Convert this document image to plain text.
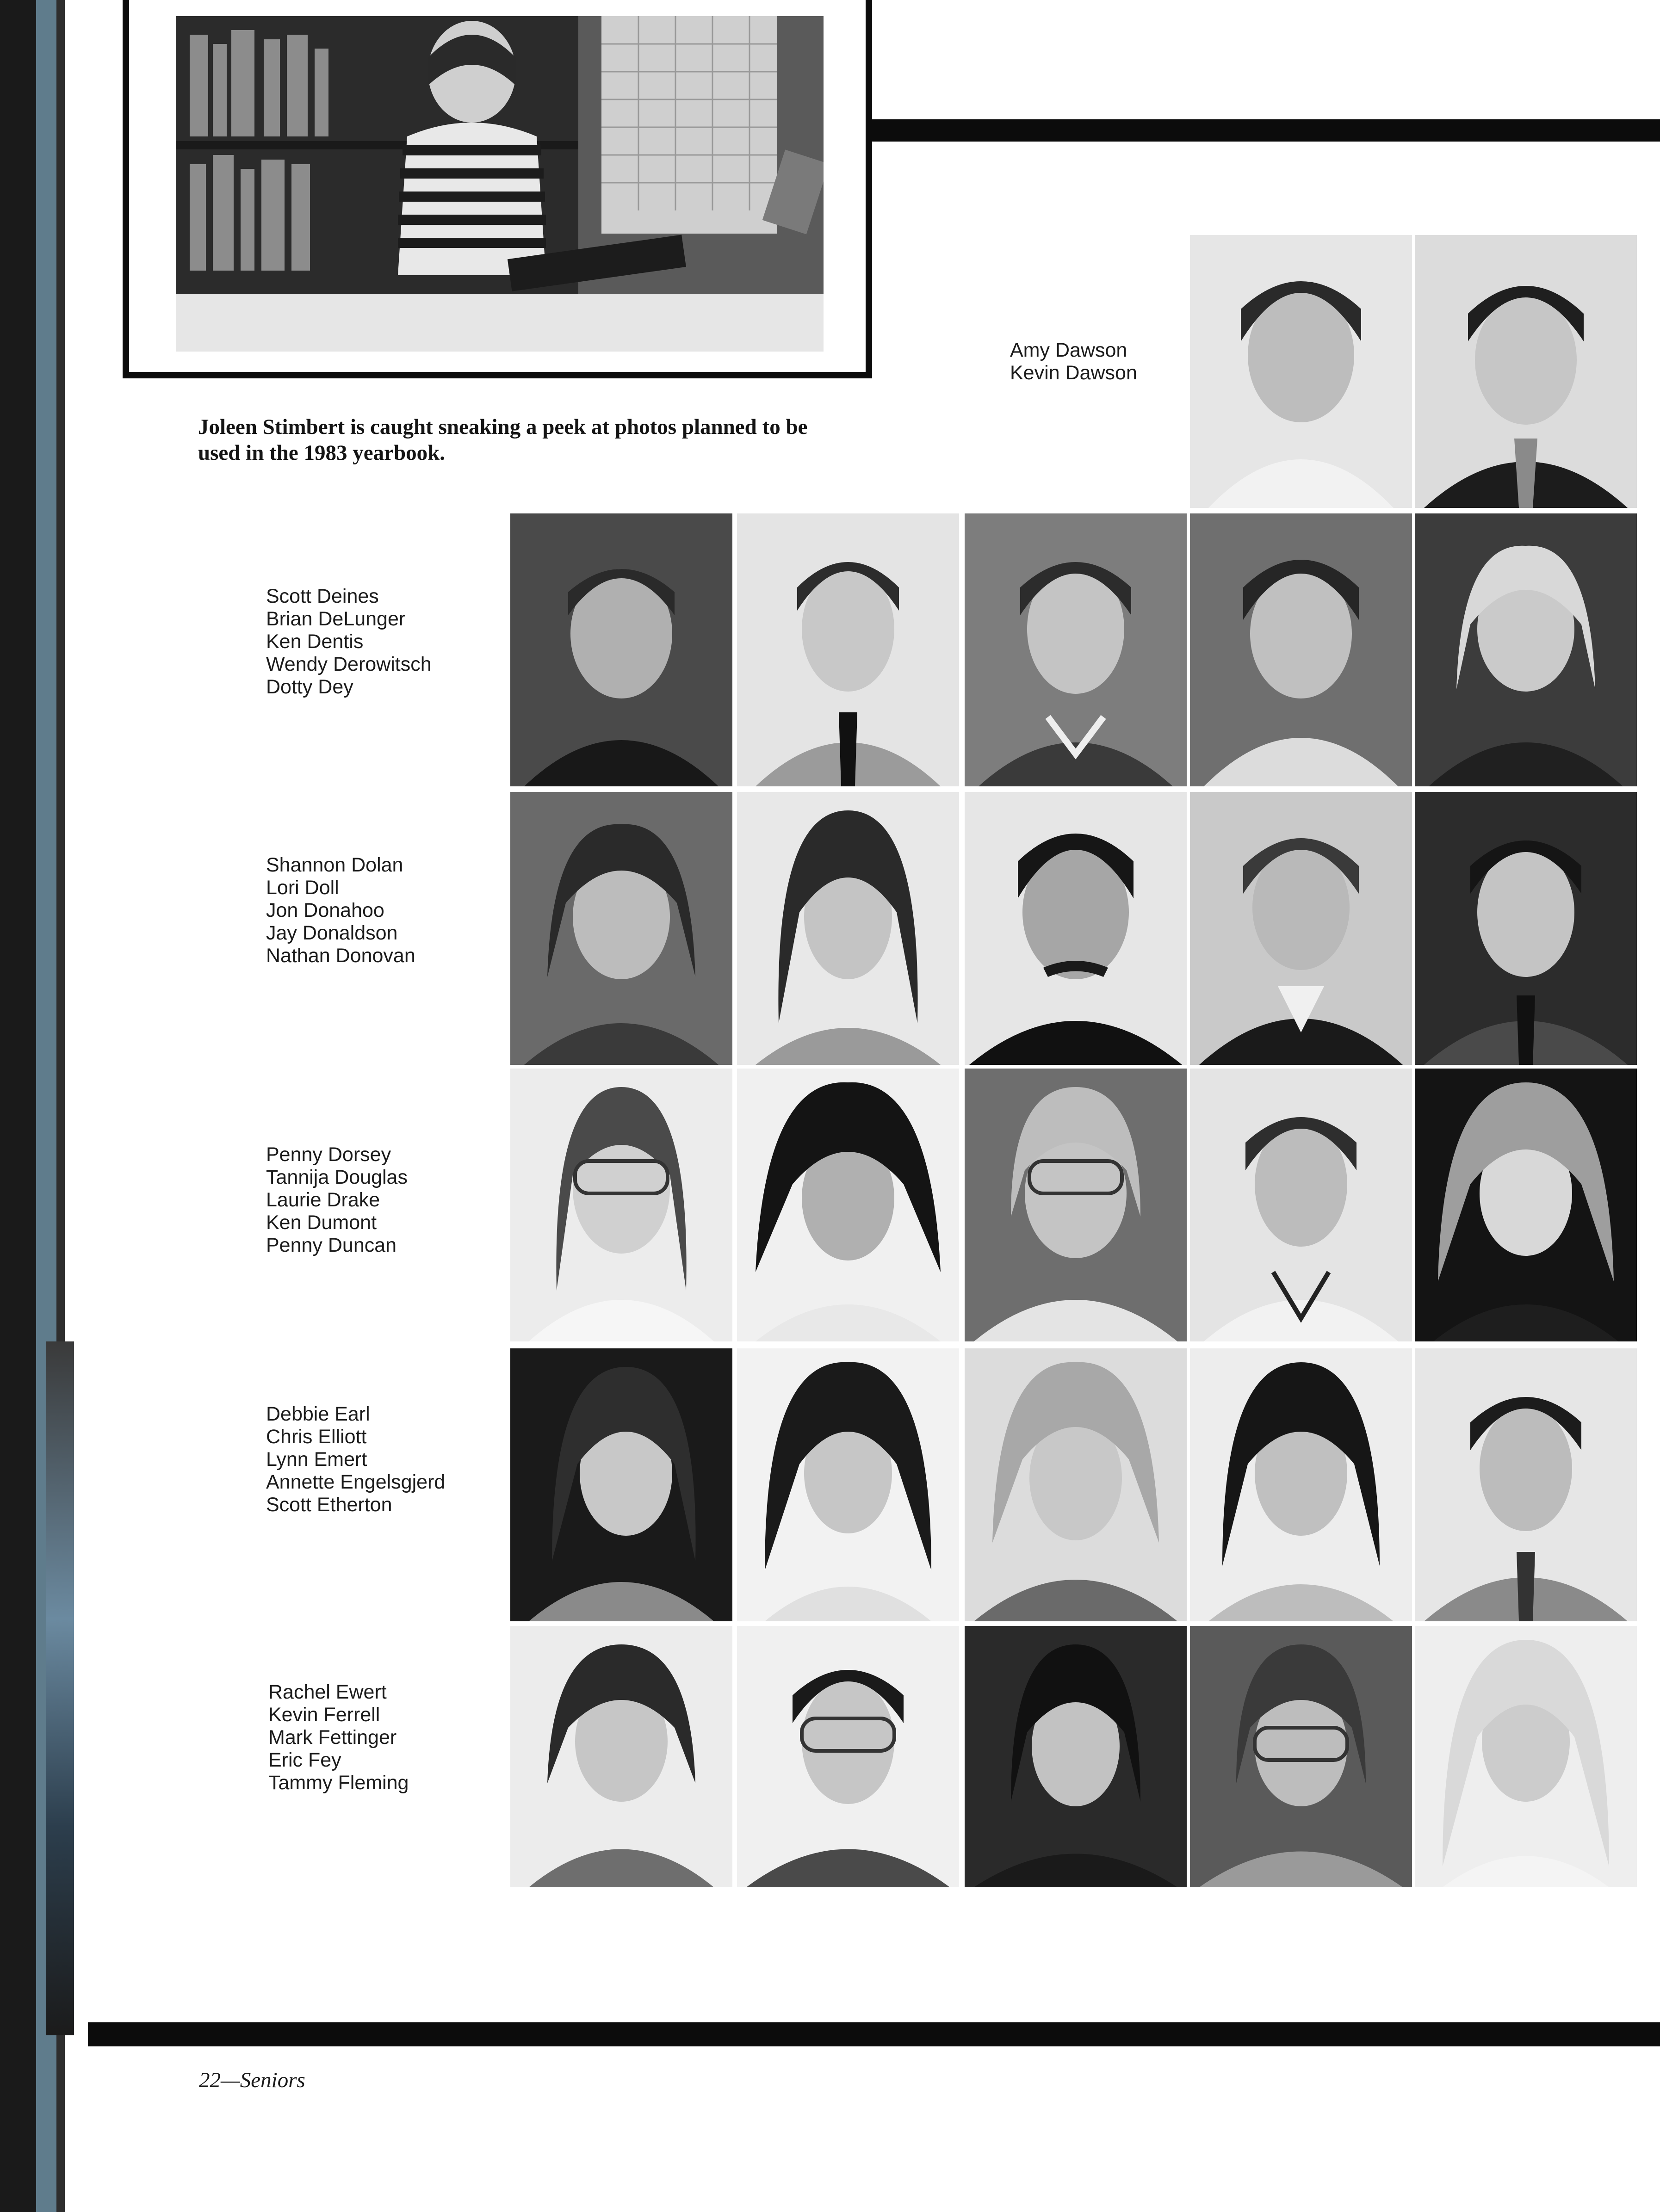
Joleen Stimbert is caught sneaking a peek at photos planned to be used in the 1983 yearbook.
Amy Dawson
Kevin Dawson
Scott Deines
Brian DeLunger
Ken Dentis
Wendy Derowitsch
Dotty Dey
Shannon Dolan
Lori Doll
Jon Donahoo
Jay Donaldson
Nathan Donovan
Penny Dorsey
Tannija Douglas
Laurie Drake
Ken Dumont
Penny Duncan
Debbie Earl
Chris Elliott
Lynn Emert
Annette Engelsgjerd
Scott Etherton
Rachel Ewert
Kevin Ferrell
Mark Fettinger
Eric Fey
Tammy Fleming
22—Seniors
